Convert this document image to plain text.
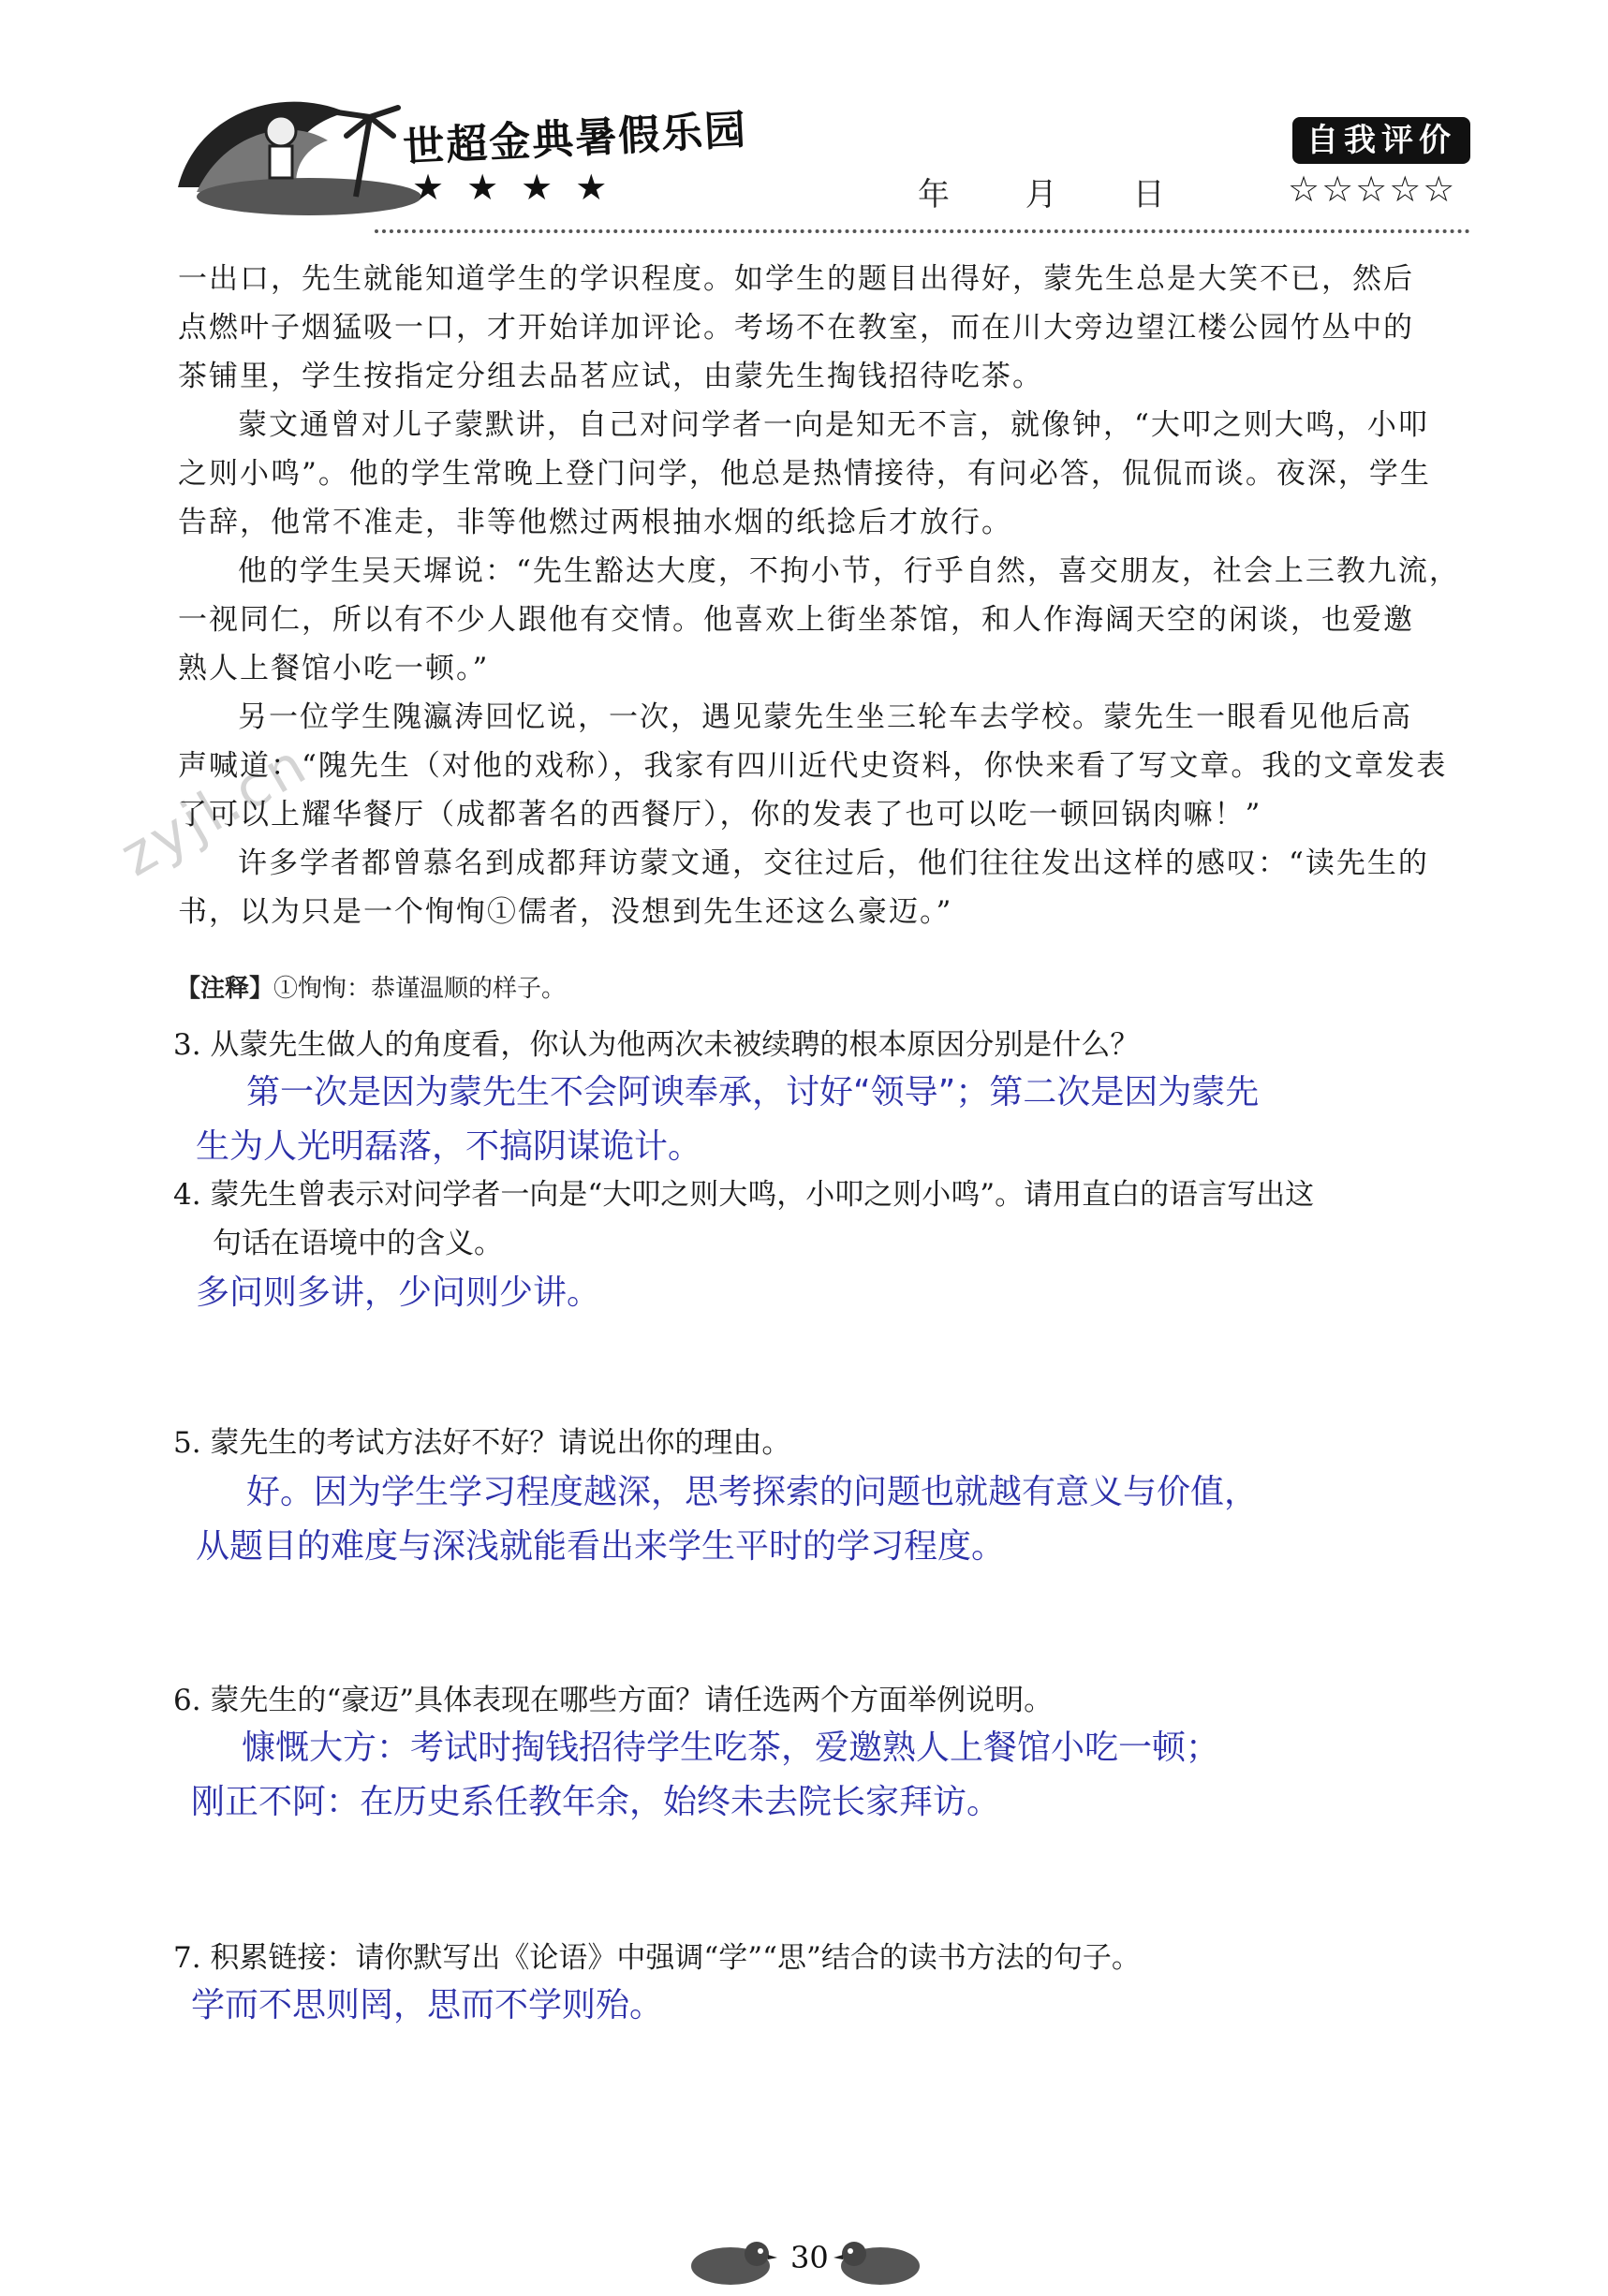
世超金典暑假乐园
★★★★	年 月 日
自我评价
☆☆☆☆☆
zyjl.cn

一出口，先生就能知道学生的学识程度。如学生的题目出得好，蒙先生总是大笑不已，然后

点燃叶子烟猛吸一口，才开始详加评论。考场不在教室，而在川大旁边望江楼公园竹丛中的

茶铺里，学生按指定分组去品茗应试，由蒙先生掏钱招待吃茶。

蒙文通曾对儿子蒙默讲，自己对问学者一向是知无不言，就像钟，“大叩之则大鸣，小叩

之则小鸣”。他的学生常晚上登门问学，他总是热情接待，有问必答，侃侃而谈。夜深，学生

告辞，他常不准走，非等他燃过两根抽水烟的纸捻后才放行。

他的学生吴天墀说：“先生豁达大度，不拘小节，行乎自然，喜交朋友，社会上三教九流，

一视同仁，所以有不少人跟他有交情。他喜欢上街坐茶馆，和人作海阔天空的闲谈，也爱邀

熟人上餐馆小吃一顿。”

另一位学生隗瀛涛回忆说，一次，遇见蒙先生坐三轮车去学校。蒙先生一眼看见他后高

声喊道：“隗先生（对他的戏称），我家有四川近代史资料，你快来看了写文章。我的文章发表

了可以上耀华餐厅（成都著名的西餐厅），你的发表了也可以吃一顿回锅肉嘛！”

许多学者都曾慕名到成都拜访蒙文通，交往过后，他们往往发出这样的感叹：“读先生的

书，以为只是一个恂恂①儒者，没想到先生还这么豪迈。”

【注释】①恂恂：恭谨温顺的样子。
3. 从蒙先生做人的角度看，你认为他两次未被续聘的根本原因分别是什么？
第一次是因为蒙先生不会阿谀奉承，讨好“领导”；第二次是因为蒙先
生为人光明磊落，不搞阴谋诡计。
4. 蒙先生曾表示对问学者一向是“大叩之则大鸣，小叩之则小鸣”。请用直白的语言写出这
句话在语境中的含义。
多问则多讲，少问则少讲。
5. 蒙先生的考试方法好不好？请说出你的理由。
好。因为学生学习程度越深，思考探索的问题也就越有意义与价值，
从题目的难度与深浅就能看出来学生平时的学习程度。
6. 蒙先生的“豪迈”具体表现在哪些方面？请任选两个方面举例说明。
慷慨大方：考试时掏钱招待学生吃茶，爱邀熟人上餐馆小吃一顿；
刚正不阿：在历史系任教年余，始终未去院长家拜访。
7. 积累链接：请你默写出《论语》中强调“学”“思”结合的读书方法的句子。
学而不思则罔，思而不学则殆。
30
